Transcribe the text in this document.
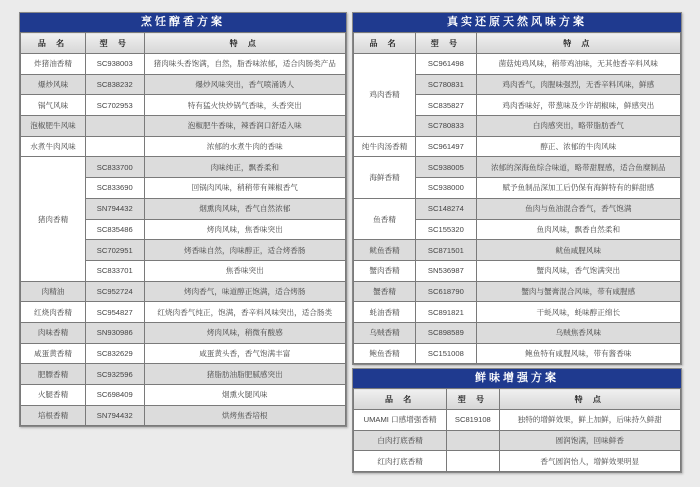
烹饪醇香方案
品 名	型 号	特 点
炸猪油香精	SC938003	猪肉味头香饱满，自然，脂香味浓郁，适合肉肠类产品
爆炒风味	SC838232	爆炒风味突出，香气喷涌诱人
锅气风味	SC702953	特有猛火快炒锅气香味，头香突出
泡椒肥牛风味		泡椒肥牛香味，辣香润口舒适入味
水煮牛肉风味		浓郁的水煮牛肉的香味
猪肉香精	SC833700	肉味纯正，飘香柔和
	SC833690	回锅肉风味，稍稍带有辣椒香气
	SN794432	烟熏肉风味，香气自然浓郁
	SC835486	烤肉风味，焦香味突出
	SC702951	烤香味自然，肉味醇正，适合烤香肠
	SC833701	焦香味突出
肉精油	SC952724	烤肉香气，味道醇正饱满，适合烤肠
红烧肉香精	SC954827	红烧肉香气纯正，饱满，香辛料风味突出，适合肠类
肉味香精	SN930986	烤肉风味，稍微有酸感
咸蛋黄香精	SC832629	咸蛋黄头香，香气饱满丰富
肥膘香精	SC932596	猪脂肪油脂肥腻感突出
火腿香精	SC698409	烟熏火腿风味
培根香精	SN794432	烘烤焦香培根
真实还原天然风味方案
品 名	型 号	特 点
鸡肉香精	SC961498	菌菇炖鸡风味，稍带鸡油味，无其他香辛料风味
	SC780831	鸡肉香气，肉腥味强烈，无香辛料风味，鲜感
	SC835827	鸡肉香味好，带葱味及少许胡椒味，鲜感突出
	SC780833	白肉感突出，略带脂肪香气
纯牛肉汤香精	SC961497	醇正、浓郁的牛肉风味
海鲜香精	SC938005	浓郁的深海鱼综合味道，略带甜腥感，适合鱼糜制品
	SC938000	赋予鱼制品深加工后仍保有海鲜特有的鲜甜感
鱼香精	SC148274	鱼肉与鱼油混合香气，香气饱满
	SC155320	鱼肉风味，飘香自然柔和
鱿鱼香精	SC871501	鱿鱼咸腥风味
蟹肉香精	SN536987	蟹肉风味，香气饱满突出
蟹香精	SC618790	蟹肉与蟹膏混合风味，带有咸腥感
蚝油香精	SC891821	干蚝风味，蚝味醇正绵长
乌贼香精	SC898589	乌贼焦香风味
鲍鱼香精	SC151008	鲍鱼特有咸腥风味，带有酱香味
鲜味增强方案
品 名	型 号	特 点
UMAMI 口感增强香精	SC819108	独特的增鲜效果，鲜上加鲜，后味持久鲜甜
白肉打底香精		圆润饱满，回味鲜香
红肉打底香精		香气圆润怡人，增鲜效果明显
